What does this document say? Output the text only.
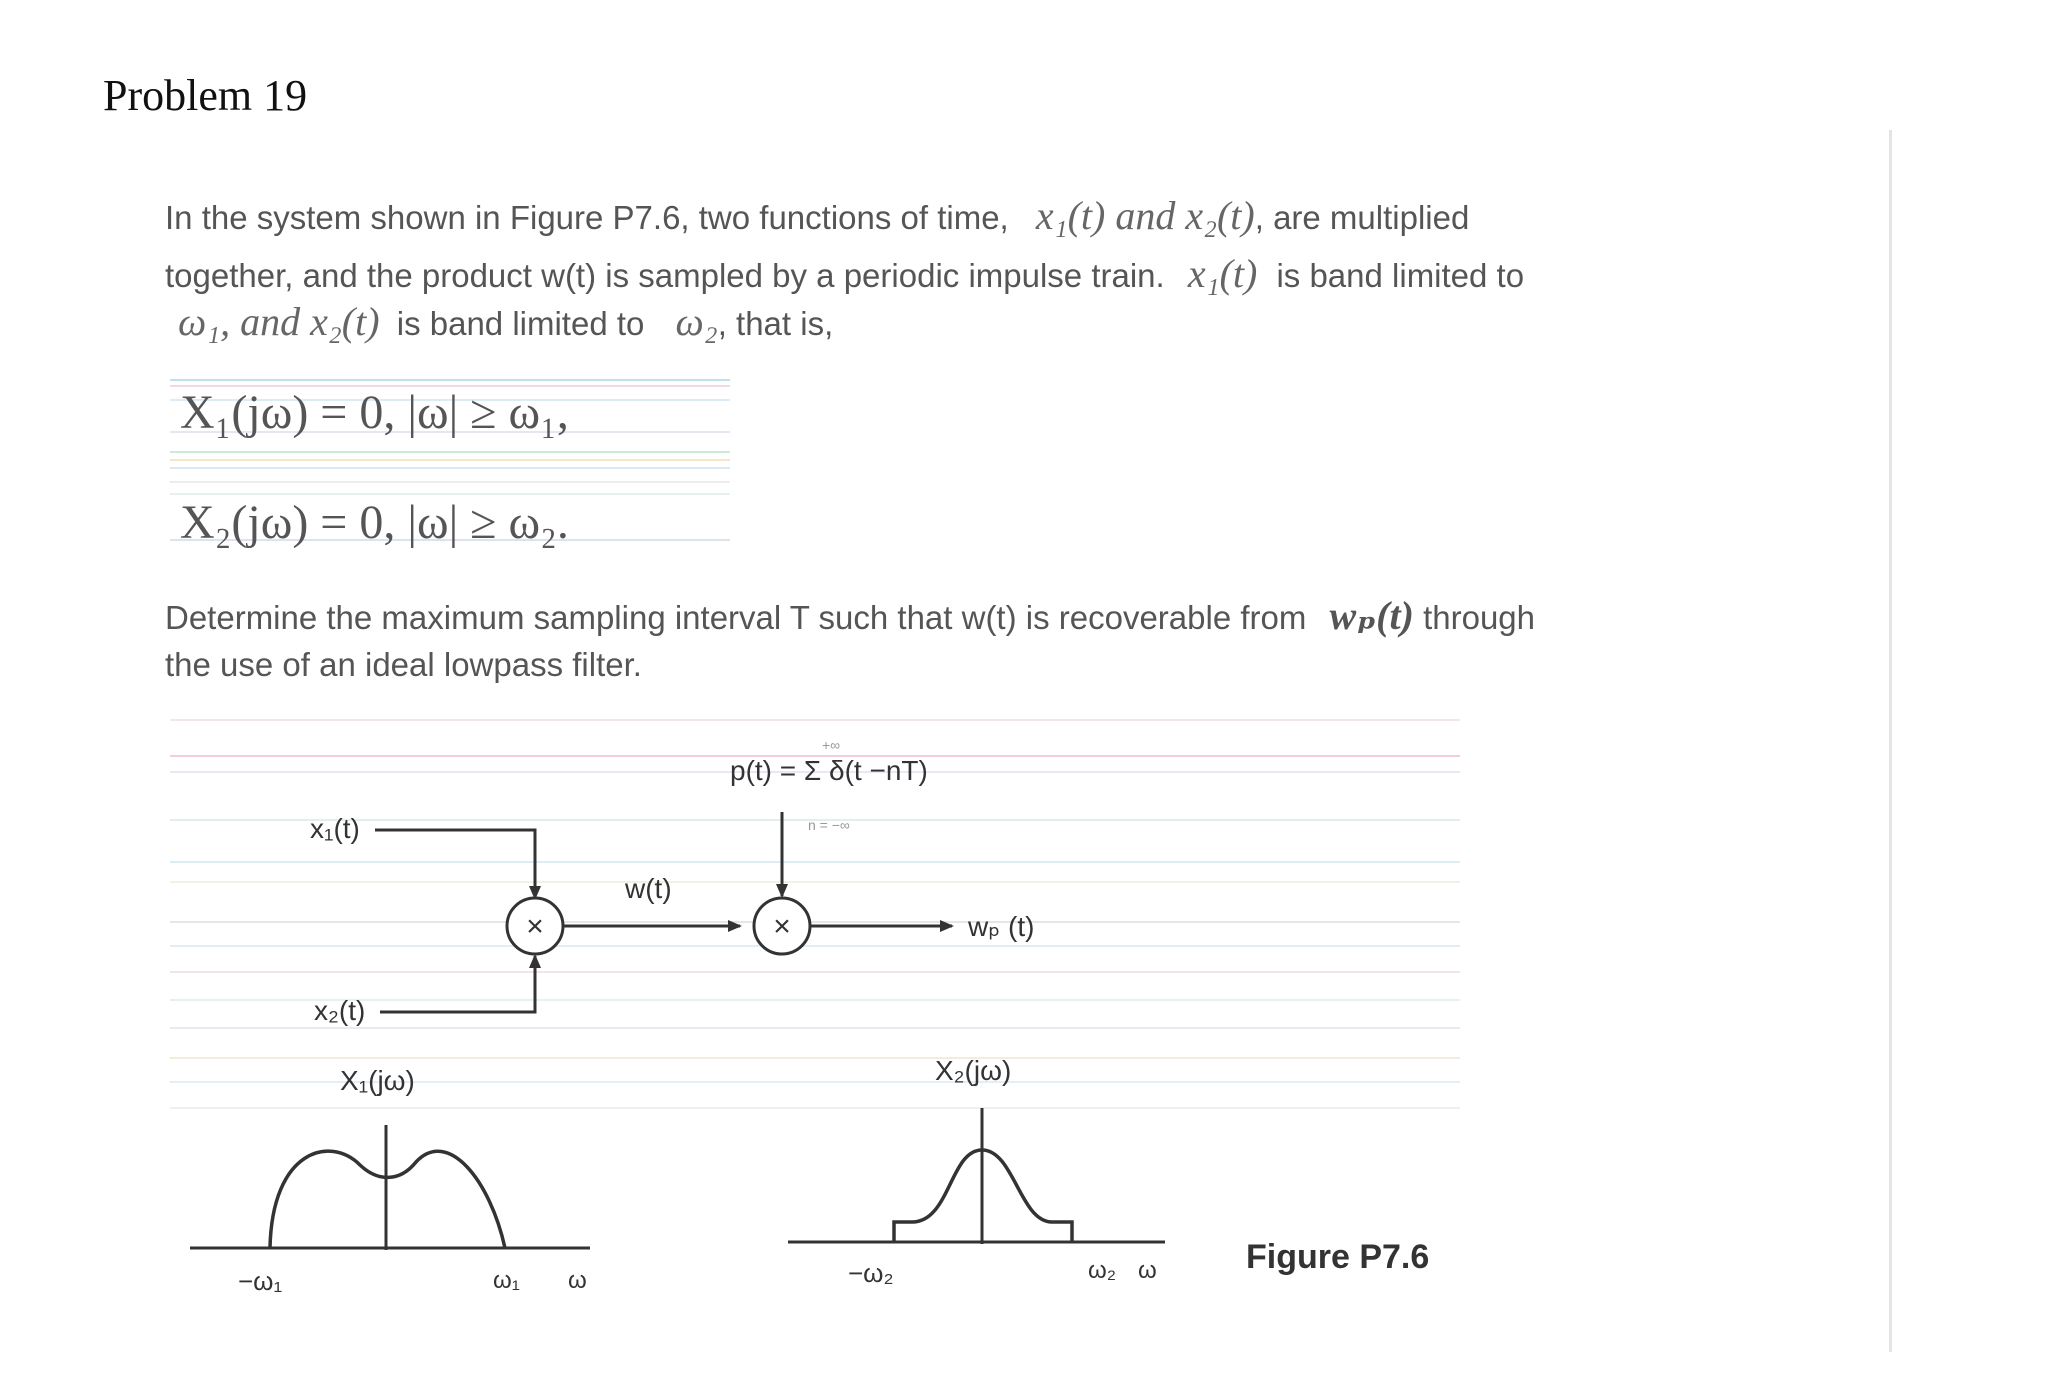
Problem 19
In the system shown in Figure P7.6, two functions of time, x₁(t) and x₂(t), are multiplied
together, and the product w(t) is sampled by a periodic impulse train. x₁(t) is band limited to
ω₁, and x₂(t) is band limited to ω₂, that is,
X₁(jω) = 0, |ω| ≥ ω₁,
X₂(jω) = 0, |ω| ≥ ω₂.
Determine the maximum sampling interval T such that w(t) is recoverable from wₚ(t) through
the use of an ideal lowpass filter.
x₁(t)
x₂(t)
×
w(t)
p(t) = Σ δ(t −nT)
+∞
n = −∞
×	wₚ (t)
X₁(jω)
−ω₁	ω₁ ω
X₂(jω)
−ω₂	ω₂ ω	Figure P7.6
